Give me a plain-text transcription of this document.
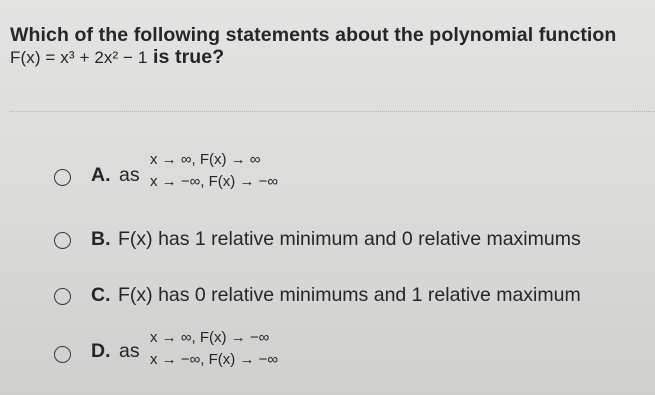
Which of the following statements about the polynomial function
F(x) = x³ + 2x² − 1 is true?
A. as
x → ∞, F(x) → ∞
x → −∞, F(x) → −∞
B. F(x) has 1 relative minimum and 0 relative maximums
C. F(x) has 0 relative minimums and 1 relative maximum
D. as
x → ∞, F(x) → −∞
x → −∞, F(x) → −∞
